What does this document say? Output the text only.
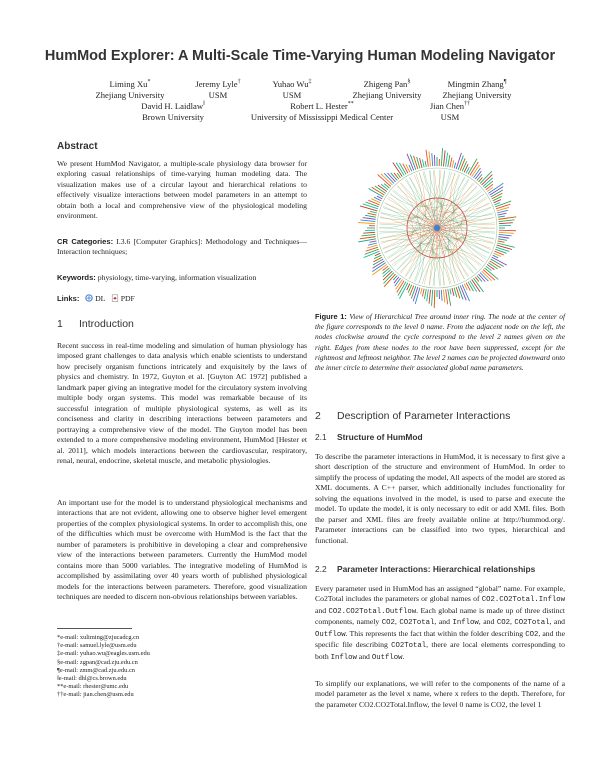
HumMod Explorer: A Multi-Scale Time-Varying Human Modeling Navigator
Liming Xu*
Zhejiang University
Jeremy Lyle†
USM
Yuhao Wu‡
USM
Zhigeng Pan§
Zhejiang University
Mingmin Zhang¶
Zhejiang University
David H. Laidlaw‖
Brown University
Robert L. Hester**
University of Mississippi Medical Center
Jian Chen††
USM
Abstract
We present HumMod Navigator, a multiple-scale physiology data browser for exploring casual relationships of time-varying human modeling data. The visualization makes use of a circular layout and hierarchical relations to effectively visualize interactions between model parameters in an attempt to obtain both a local and comprehensive view of the physiological modeling environment.
CR Categories: I.3.6 [Computer Graphics]: Methodology and Techniques—Interaction techniques;
Keywords: physiology, time-varying, information visualization
Links: DL PDF
1 Introduction
Recent success in real-time modeling and simulation of human physiology has imposed grant challenges to data analysis which enable scientists to understand how precisely organism functions intricately and exquisitely by the laws of physics and chemistry. In 1972, Guyton et al. [Guyton AC 1972] published a landmark paper giving an integrative model for the circulatory system involving multiple body organ systems. This model was remarkable because of its successful integration of multiple physiological systems, as well as its conciseness and clarity in describing interactions between parameters and portraying a comprehensive view of the model. The Guyton model has been extended to a more comprehensive modeling environment, HumMod [Hester et al. 2011], which models interactions between the cardiovascular, respiratory, renal, neural, endocrine, skeletal muscle, and metabolic physiologies.
An important use for the model is to understand physiological mechanisms and interactions that are not evident, allowing one to observe higher level emergent properties of the complex physiological systems. In order to accomplish this, one of the difficulties which must be overcome with HumMod is the fact that the number of parameters is prohibitive in developing a clear and comprehensive view of the interactions between parameters. Currently the HumMod model contains more than 5000 variables. The integrative modeling of HumMod is accomplished by assimilating over 40 years worth of published physiological models for the interactions between parameters. Therefore, good visualization techniques are needed to discern non-obvious relationships between variables.
*e-mail: xuliming@zjucadcg.cn
†e-mail: samuel.lyle@usm.edu
‡e-mail: yuhao.wu@eagles.usm.edu
§e-mail: zgpan@cad.zju.edu.cn
¶e-mail: zmm@cad.zju.edu.cn
‖e-mail: dhl@cs.brown.edu
**e-mail: rhester@umc.edu
††e-mail: jian.chen@usm.edu
Figure 1: View of Hierarchical Tree around inner ring. The node at the center of the figure corresponds to the level 0 name. From the adjacent node on the left, the nodes clockwise around the cycle correspond to the level 2 names given on the right. Edges from these nodes to the root have been suppressed, except for the rightmost and leftmost neighbor. The level 2 names can be projected downward onto the inner circle to determine their associated global name parameters.
2 Description of Parameter Interactions
2.1 Structure of HumMod
To describe the parameter interactions in HumMod, it is necessary to first give a short description of the structure and environment of HumMod. In order to simplify the process of updating the model, All aspects of the model are stored as XML documents. A C++ parser, which additionally includes functionality for solving the equations involved in the model, is used to parse and execute the model. To update the model, it is only necessary to edit or add XML files. Both the parser and XML files are freely available online at http://hummod.org/. Parameter interactions can be classified into two types, hierarchical and functional.
2.2 Parameter Interactions: Hierarchical relationships
Every parameter used in HumMod has an assigned “global” name. For example, Co2Total includes the parameters or global names of CO2.CO2Total.Inflow and CO2.CO2Total.Outflow. Each global name is made up of three distinct components, namely CO2, CO2Total, and Inflow, and CO2, CO2Total, and Outflow. This represents the fact that within the folder describing CO2, and the specific file describing CO2Total, there are local elements corresponding to both Inflow and Outflow.
To simplify our explanations, we will refer to the components of the name of a model parameter as the level x name, where x refers to the depth. Therefore, for the parameter CO2.CO2Total.Inflow, the level 0 name is CO2, the level 1
